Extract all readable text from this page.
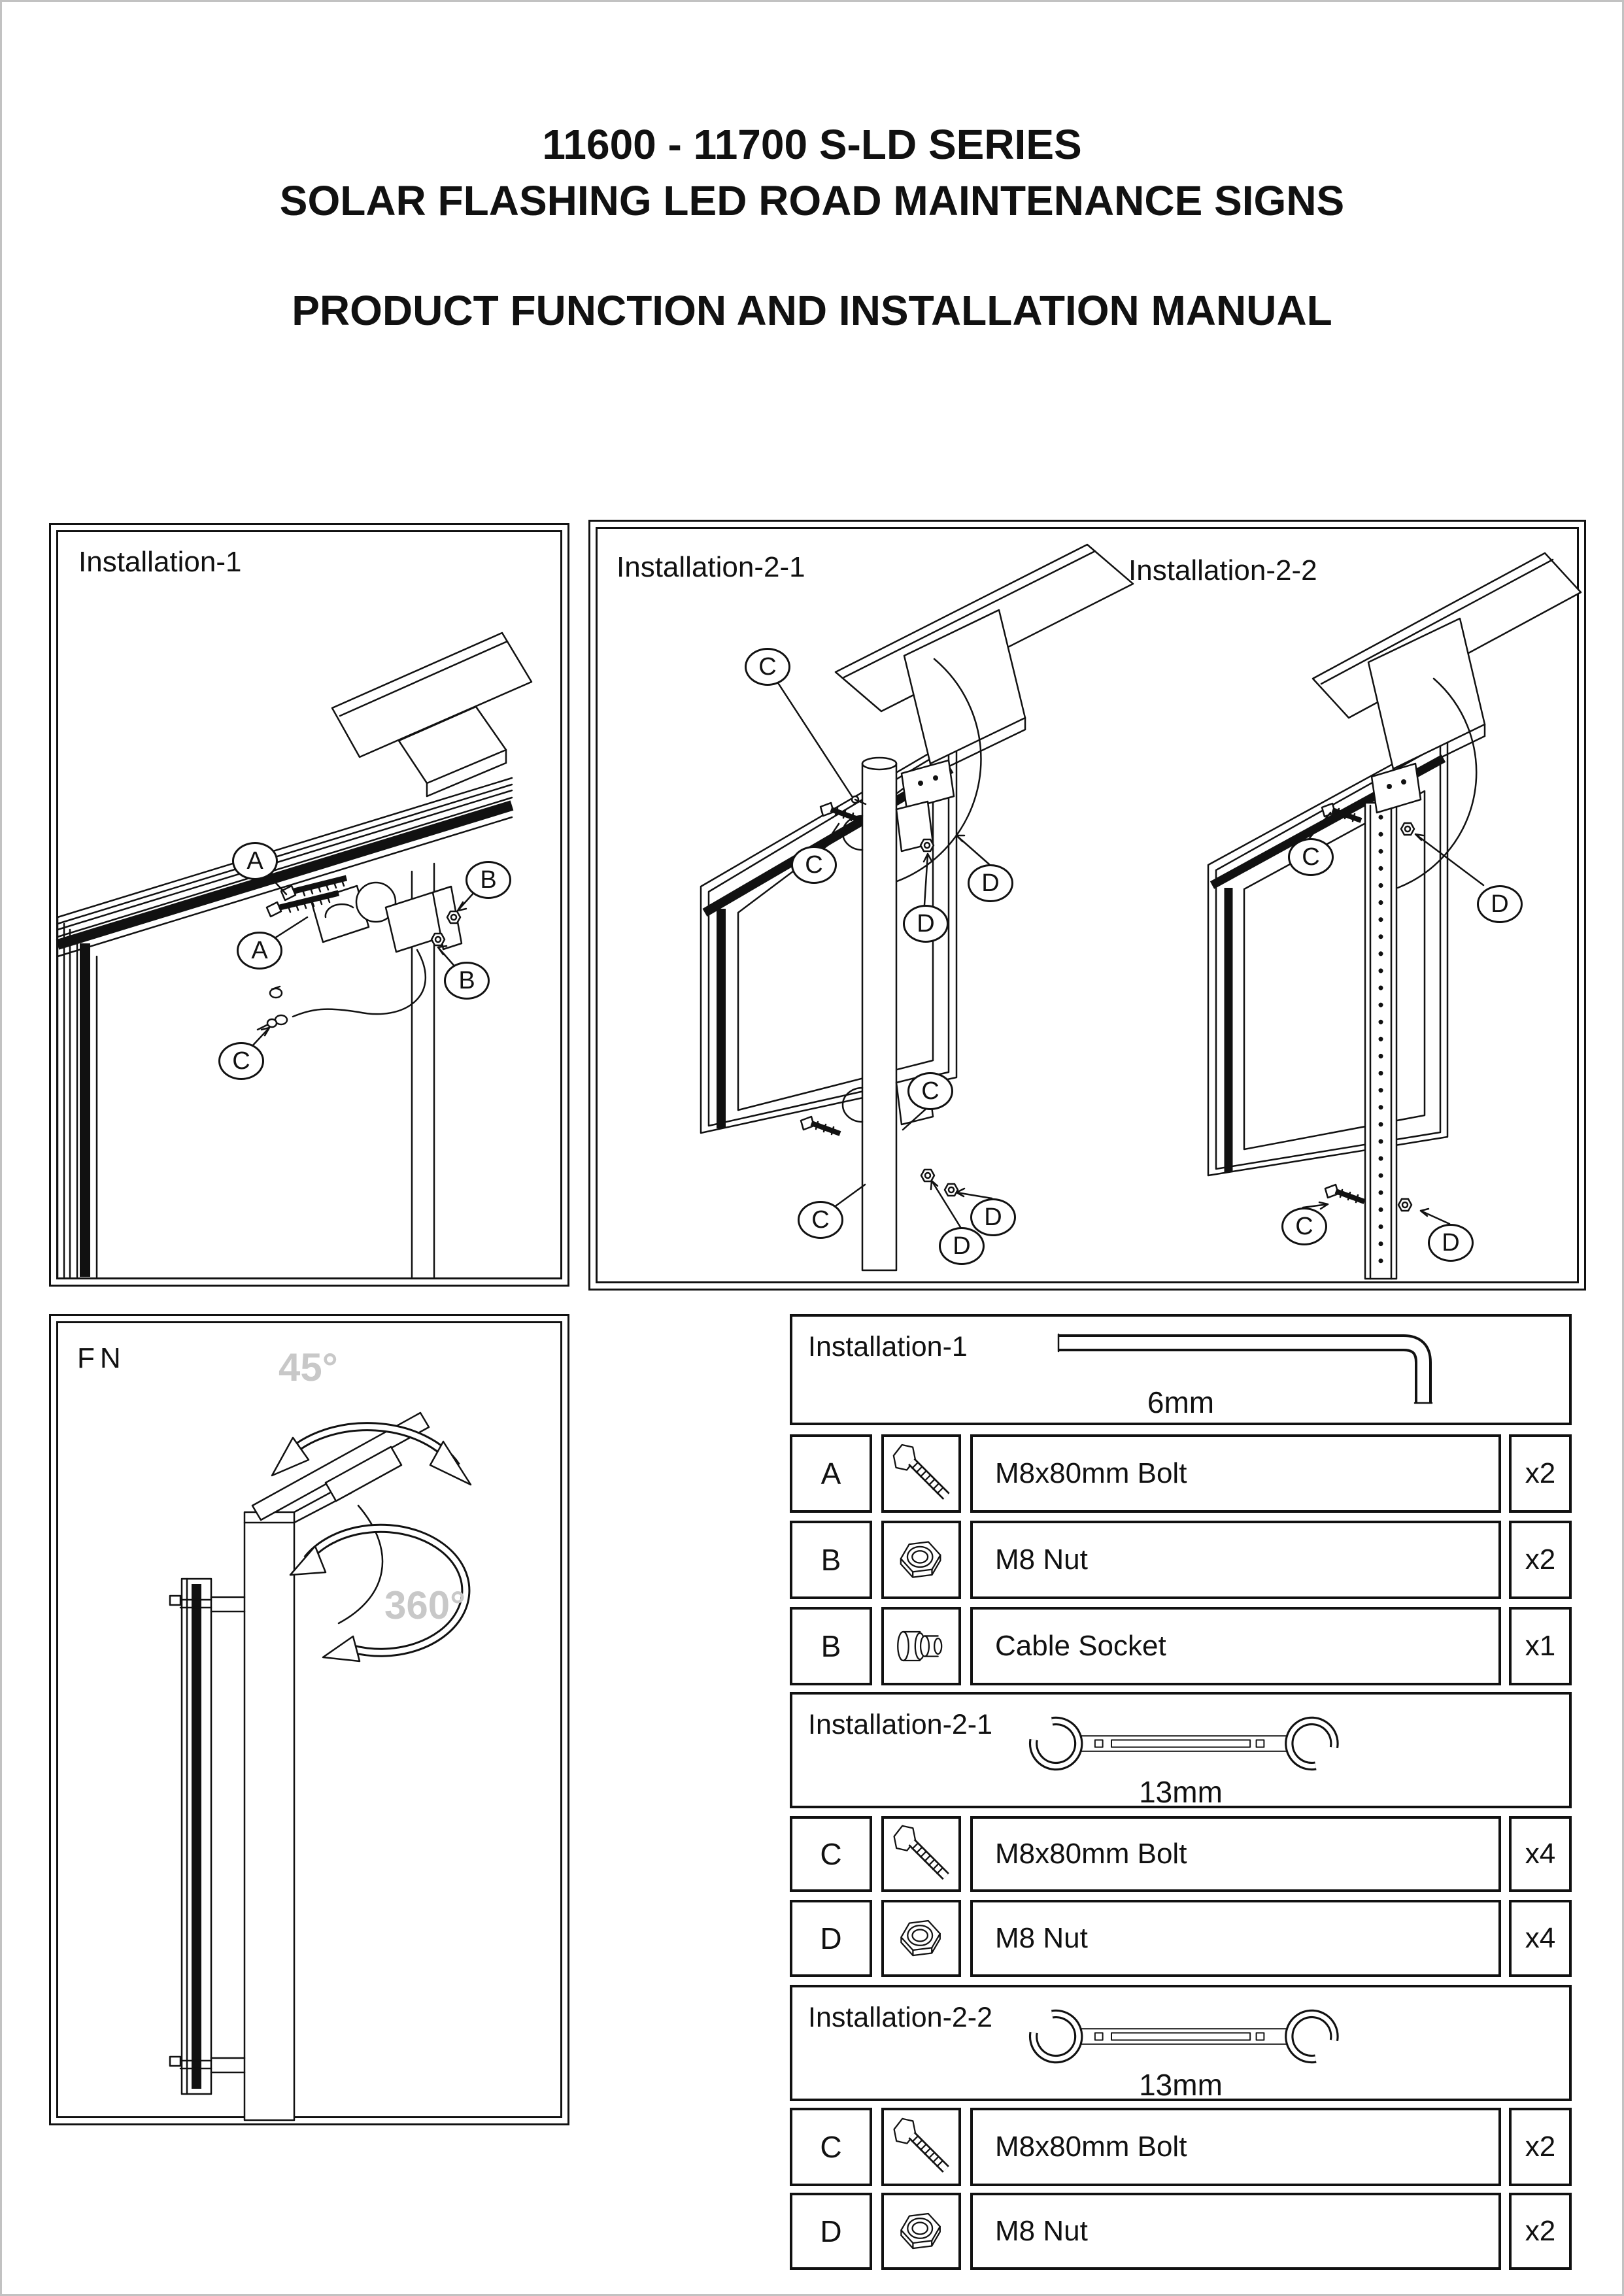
11600 - 11700 S-LD SERIES
SOLAR FLASHING LED ROAD MAINTENANCE SIGNS
PRODUCT FUNCTION AND INSTALLATION MANUAL
Installation-1
A
A
B
B
C
Installation-2-1	Installation-2-2
C
C
D
D
C
C
D
D
C
D
C
D
FN	45°
360°
Installation-1
6mm
A	M8x80mm Bolt	x2
B	M8 Nut	x2
B	Cable Socket	x1
Installation-2-1
13mm
C	M8x80mm Bolt	x4
D	M8 Nut	x4
Installation-2-2
13mm
C	M8x80mm Bolt	x2
D	M8 Nut	x2
